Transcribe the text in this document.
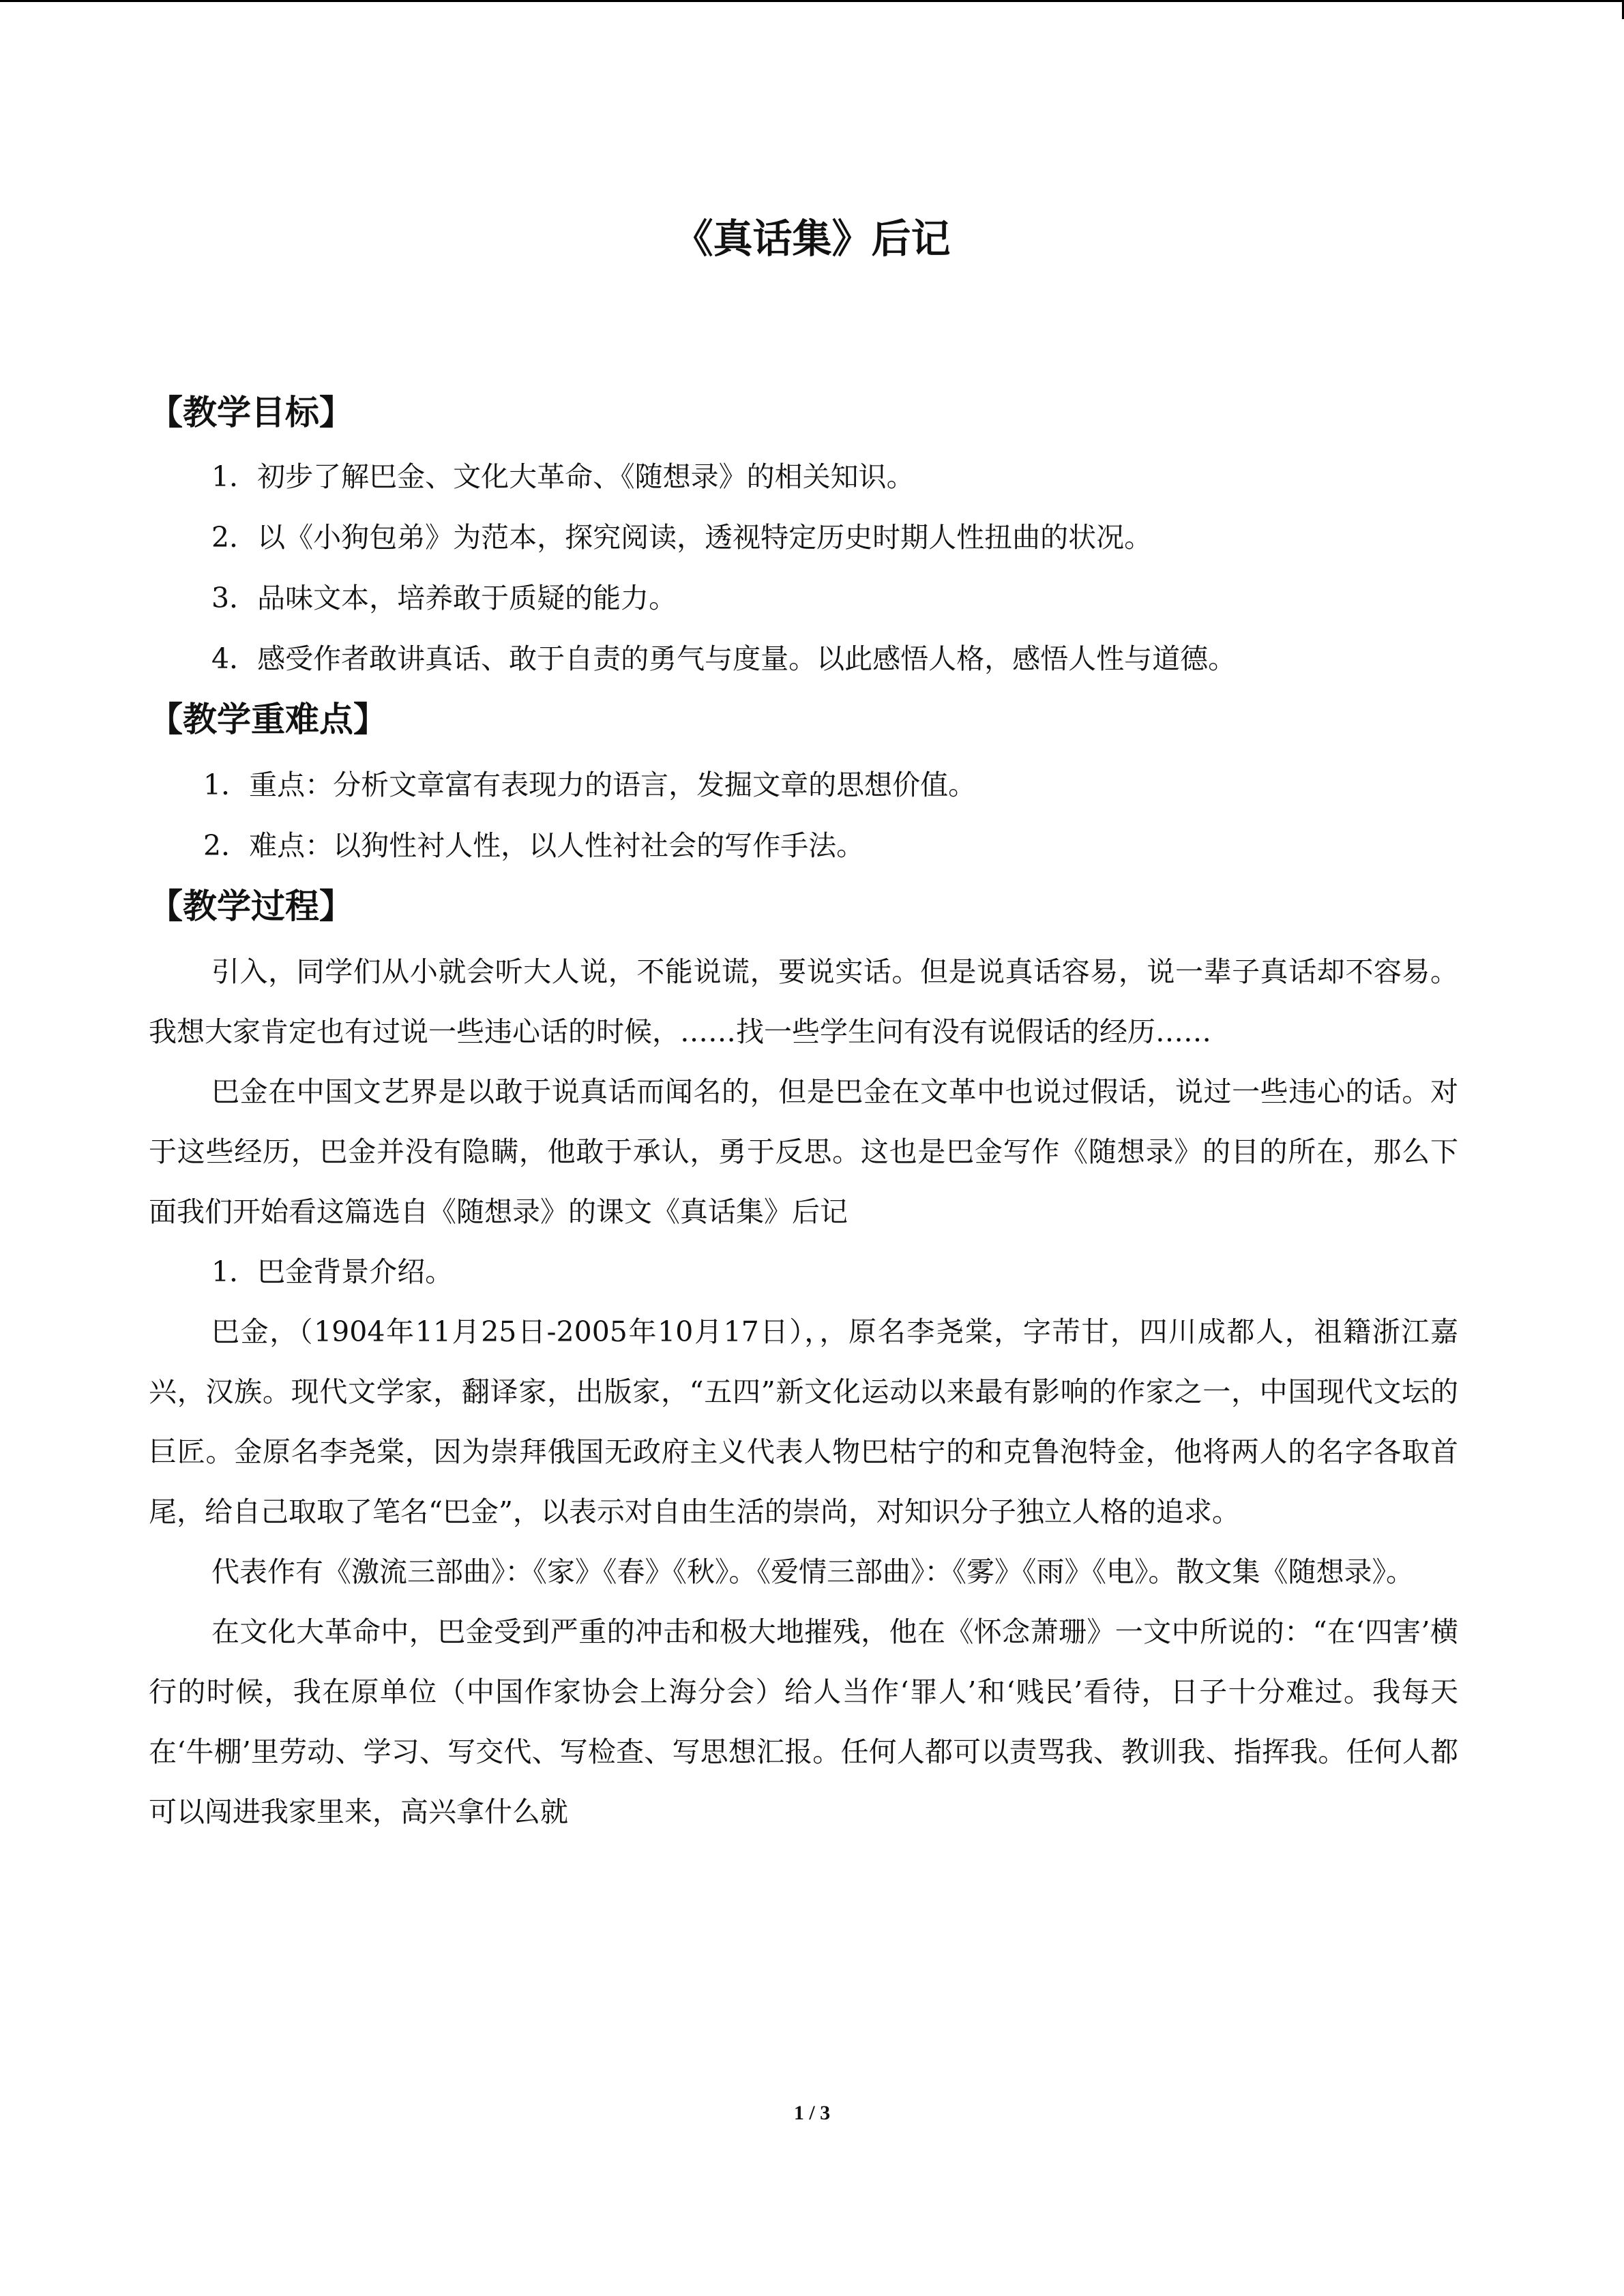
《真话集》后记
【教学目标】
1．初步了解巴金、文化大革命、《随想录》的相关知识。
2．以《小狗包弟》为范本，探究阅读，透视特定历史时期人性扭曲的状况。
3．品味文本，培养敢于质疑的能力。
4．感受作者敢讲真话、敢于自责的勇气与度量。以此感悟人格，感悟人性与道德。
【教学重难点】
1．重点：分析文章富有表现力的语言，发掘文章的思想价值。
2．难点：以狗性衬人性，以人性衬社会的写作手法。
【教学过程】

引入，同学们从小就会听大人说，不能说谎，要说实话。但是说真话容易，说一辈子真话却不容易。我想大家肯定也有过说一些违心话的时候，……找一些学生问有没有说假话的经历……

巴金在中国文艺界是以敢于说真话而闻名的，但是巴金在文革中也说过假话，说过一些违心的话。对于这些经历，巴金并没有隐瞒，他敢于承认，勇于反思。这也是巴金写作《随想录》的目的所在，那么下面我们开始看这篇选自《随想录》的课文《真话集》后记

1．巴金背景介绍。

巴金，（1904年11月25日-2005年10月17日），，原名李尧棠，字芾甘，四川成都人，祖籍浙江嘉兴，汉族。现代文学家，翻译家，出版家，“五四”新文化运动以来最有影响的作家之一，中国现代文坛的巨匠。金原名李尧棠，因为崇拜俄国无政府主义代表人物巴枯宁的和克鲁泡特金，他将两人的名字各取首尾，给自己取取了笔名“巴金”，以表示对自由生活的崇尚，对知识分子独立人格的追求。

代表作有《激流三部曲》：《家》《春》《秋》。《爱情三部曲》：《雾》《雨》《电》。散文集《随想录》。

在文化大革命中，巴金受到严重的冲击和极大地摧残，他在《怀念萧珊》一文中所说的：“在‘四害’横行的时候，我在原单位（中国作家协会上海分会）给人当作‘罪人’和‘贱民’看待，日子十分难过。我每天在‘牛棚’里劳动、学习、写交代、写检查、写思想汇报。任何人都可以责骂我、教训我、指挥我。任何人都可以闯进我家里来，高兴拿什么就

1 / 3
